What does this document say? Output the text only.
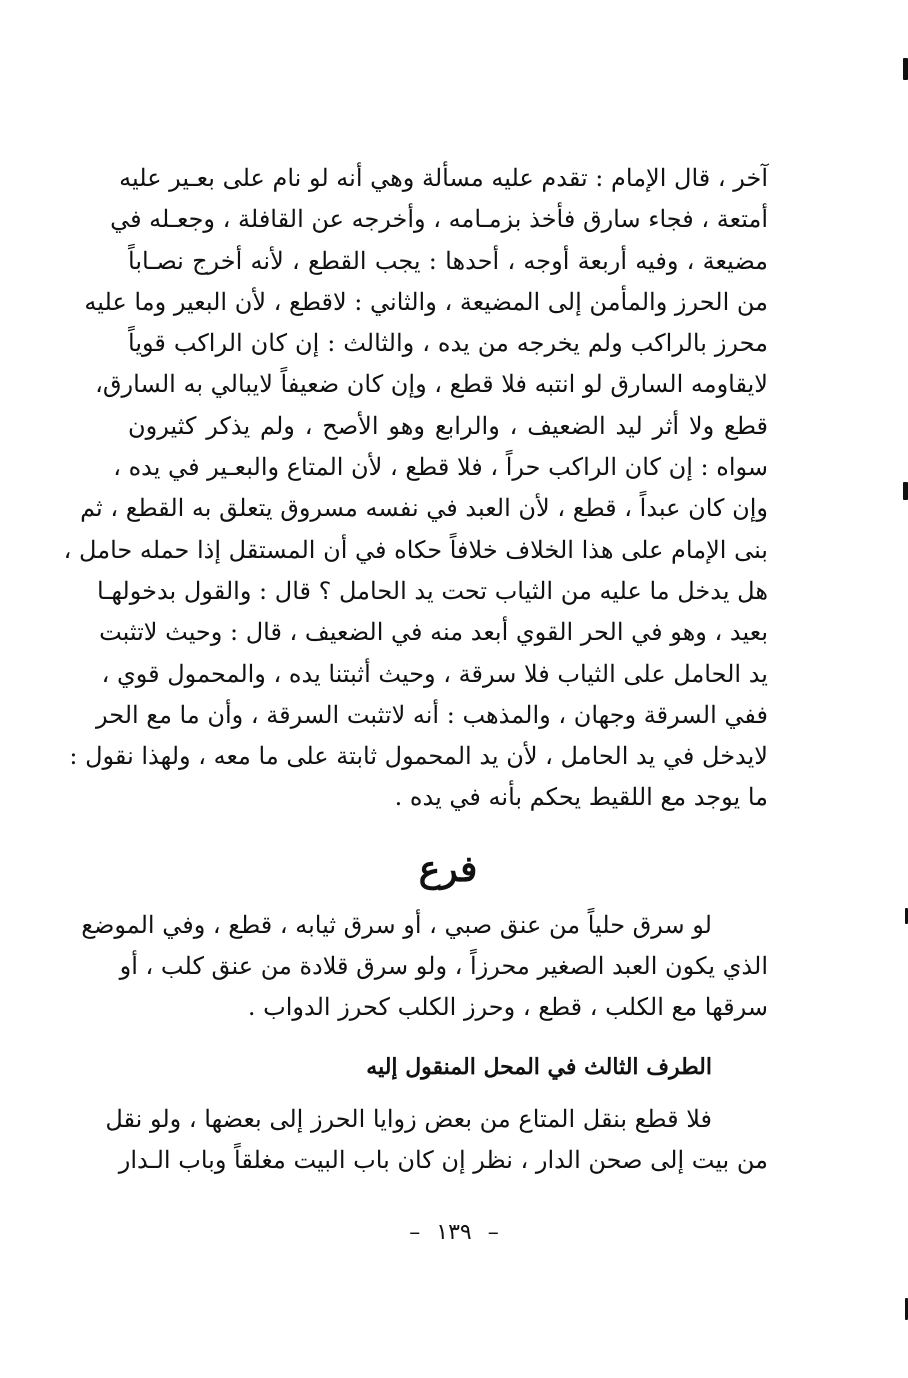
آخر ، قال الإمام : تقدم عليه مسألة وهي أنه لو نام على بعـير عليه
أمتعة ، فجاء سارق فأخذ بزمـامه ، وأخرجه عن القافلة ، وجعـله في
مضيعة ، وفيه أربعة أوجه ، أحدها : يجب القطع ، لأنه أخرج نصـاباً
من الحرز والمأمن إلى المضيعة ، والثاني : لاقطع ، لأن البعير وما عليه
محرز بالراكب ولم يخرجه من يده ، والثالث : إن كان الراكب قوياً
لايقاومه السارق لو انتبه فلا قطع ، وإن كان ضعيفاً لايبالي به السارق،
قطع ولا أثر ليد الضعيف ، والرابع وهو الأصح ، ولم يذكر كثيرون
سواه : إن كان الراكب حراً ، فلا قطع ، لأن المتاع والبعـير في يده ،
وإن كان عبداً ، قطع ، لأن العبد في نفسه مسروق يتعلق به القطع ، ثم
بنى الإمام على هذا الخلاف خلافاً حكاه في أن المستقل إذا حمله حامل ،
هل يدخل ما عليه من الثياب تحت يد الحامل ؟ قال : والقول بدخولهـا
بعيد ، وهو في الحر القوي أبعد منه في الضعيف ، قال : وحيث لاتثبت
يد الحامل على الثياب فلا سرقة ، وحيث أثبتنا يده ، والمحمول قوي ،
ففي السرقة وجهان ، والمذهب : أنه لاتثبت السرقة ، وأن ما مع الحر
لايدخل في يد الحامل ، لأن يد المحمول ثابتة على ما معه ، ولهذا نقول :
ما يوجد مع اللقيط يحكم بأنه في يده .

فرع

لو سرق حلياً من عنق صبي ، أو سرق ثيابه ، قطع ، وفي الموضع
الذي يكون العبد الصغير محرزاً ، ولو سرق قلادة من عنق كلب ، أو
سرقها مع الكلب ، قطع ، وحرز الكلب كحرز الدواب .

الطرف الثالث في المحل المنقول إليه

فلا قطع بنقل المتاع من بعض زوايا الحرز إلى بعضها ، ولو نقل
من بيت إلى صحن الدار ، نظر إن كان باب البيت مغلقاً وباب الـدار

–١٣٩–
